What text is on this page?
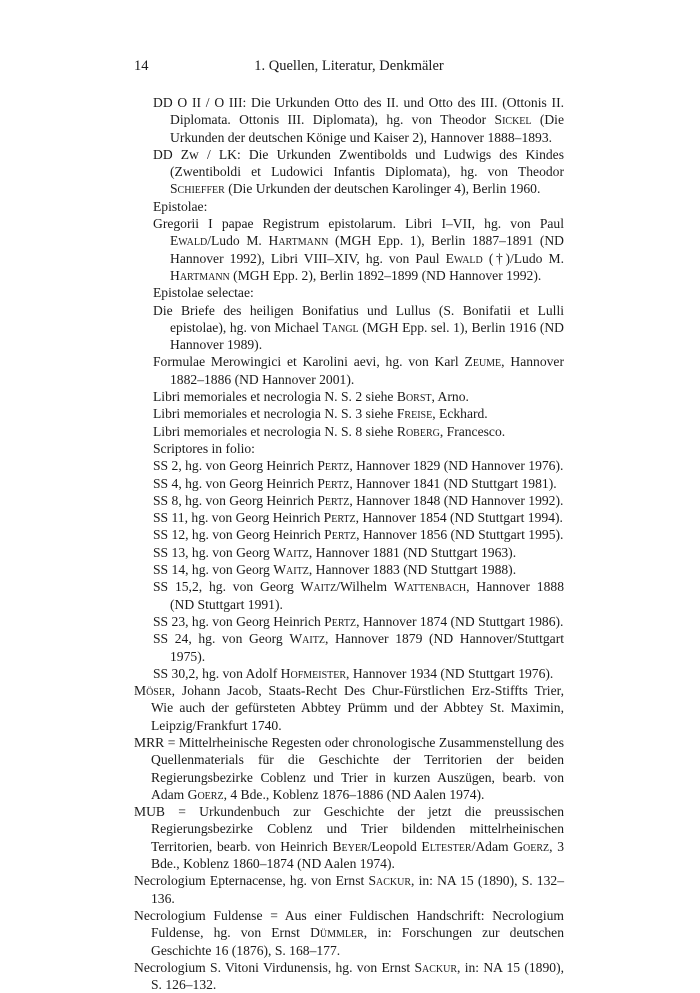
14	1. Quellen, Literatur, Denkmäler

DD O II / O III: Die Urkunden Otto des II. und Otto des III. (Ottonis II. Diplomata. Ottonis III. Diplomata), hg. von Theodor Sickel (Die Urkunden der deutschen Könige und Kaiser 2), Hannover 1888–1893.

DD Zw / LK: Die Urkunden Zwentibolds und Ludwigs des Kindes (Zwentiboldi et Ludowici Infantis Diplomata), hg. von Theodor Schieffer (Die Urkunden der deutschen Karolinger 4), Berlin 1960.

Epistolae:

Gregorii I papae Registrum epistolarum. Libri I–VII, hg. von Paul Ewald/Ludo M. Hartmann (MGH Epp. 1), Berlin 1887–1891 (ND Hannover 1992), Libri VIII–XIV, hg. von Paul Ewald (†)/Ludo M. Hartmann (MGH Epp. 2), Berlin 1892–1899 (ND Hannover 1992).

Epistolae selectae:

Die Briefe des heiligen Bonifatius und Lullus (S. Bonifatii et Lulli epistolae), hg. von Michael Tangl (MGH Epp. sel. 1), Berlin 1916 (ND Hannover 1989).

Formulae Merowingici et Karolini aevi, hg. von Karl Zeume, Hannover 1882–1886 (ND Hannover 2001).

Libri memoriales et necrologia N. S. 2 siehe Borst, Arno.

Libri memoriales et necrologia N. S. 3 siehe Freise, Eckhard.

Libri memoriales et necrologia N. S. 8 siehe Roberg, Francesco.

Scriptores in folio:

SS 2, hg. von Georg Heinrich Pertz, Hannover 1829 (ND Hannover 1976).

SS 4, hg. von Georg Heinrich Pertz, Hannover 1841 (ND Stuttgart 1981).

SS 8, hg. von Georg Heinrich Pertz, Hannover 1848 (ND Hannover 1992).

SS 11, hg. von Georg Heinrich Pertz, Hannover 1854 (ND Stuttgart 1994).

SS 12, hg. von Georg Heinrich Pertz, Hannover 1856 (ND Stuttgart 1995).

SS 13, hg. von Georg Waitz, Hannover 1881 (ND Stuttgart 1963).

SS 14, hg. von Georg Waitz, Hannover 1883 (ND Stuttgart 1988).

SS 15,2, hg. von Georg Waitz/Wilhelm Wattenbach, Hannover 1888 (ND Stuttgart 1991).

SS 23, hg. von Georg Heinrich Pertz, Hannover 1874 (ND Stuttgart 1986).

SS 24, hg. von Georg Waitz, Hannover 1879 (ND Hannover/Stuttgart 1975).

SS 30,2, hg. von Adolf Hofmeister, Hannover 1934 (ND Stuttgart 1976).

Möser, Johann Jacob, Staats-Recht Des Chur-Fürstlichen Erz-Stiffts Trier, Wie auch der gefürsteten Abbtey Prümm und der Abbtey St. Maximin, Leipzig/Frankfurt 1740.

MRR = Mittelrheinische Regesten oder chronologische Zusammenstellung des Quellenmaterials für die Geschichte der Territorien der beiden Regierungsbezirke Coblenz und Trier in kurzen Auszügen, bearb. von Adam Goerz, 4 Bde., Koblenz 1876–1886 (ND Aalen 1974).

MUB = Urkundenbuch zur Geschichte der jetzt die preussischen Regierungsbezirke Coblenz und Trier bildenden mittelrheinischen Territorien, bearb. von Heinrich Beyer/Leopold Eltester/Adam Goerz, 3 Bde., Koblenz 1860–1874 (ND Aalen 1974).

Necrologium Epternacense, hg. von Ernst Sackur, in: NA 15 (1890), S. 132–136.

Necrologium Fuldense = Aus einer Fuldischen Handschrift: Necrologium Fuldense, hg. von Ernst Dümmler, in: Forschungen zur deutschen Geschichte 16 (1876), S. 168–177.

Necrologium S. Vitoni Virdunensis, hg. von Ernst Sackur, in: NA 15 (1890), S. 126–132.
